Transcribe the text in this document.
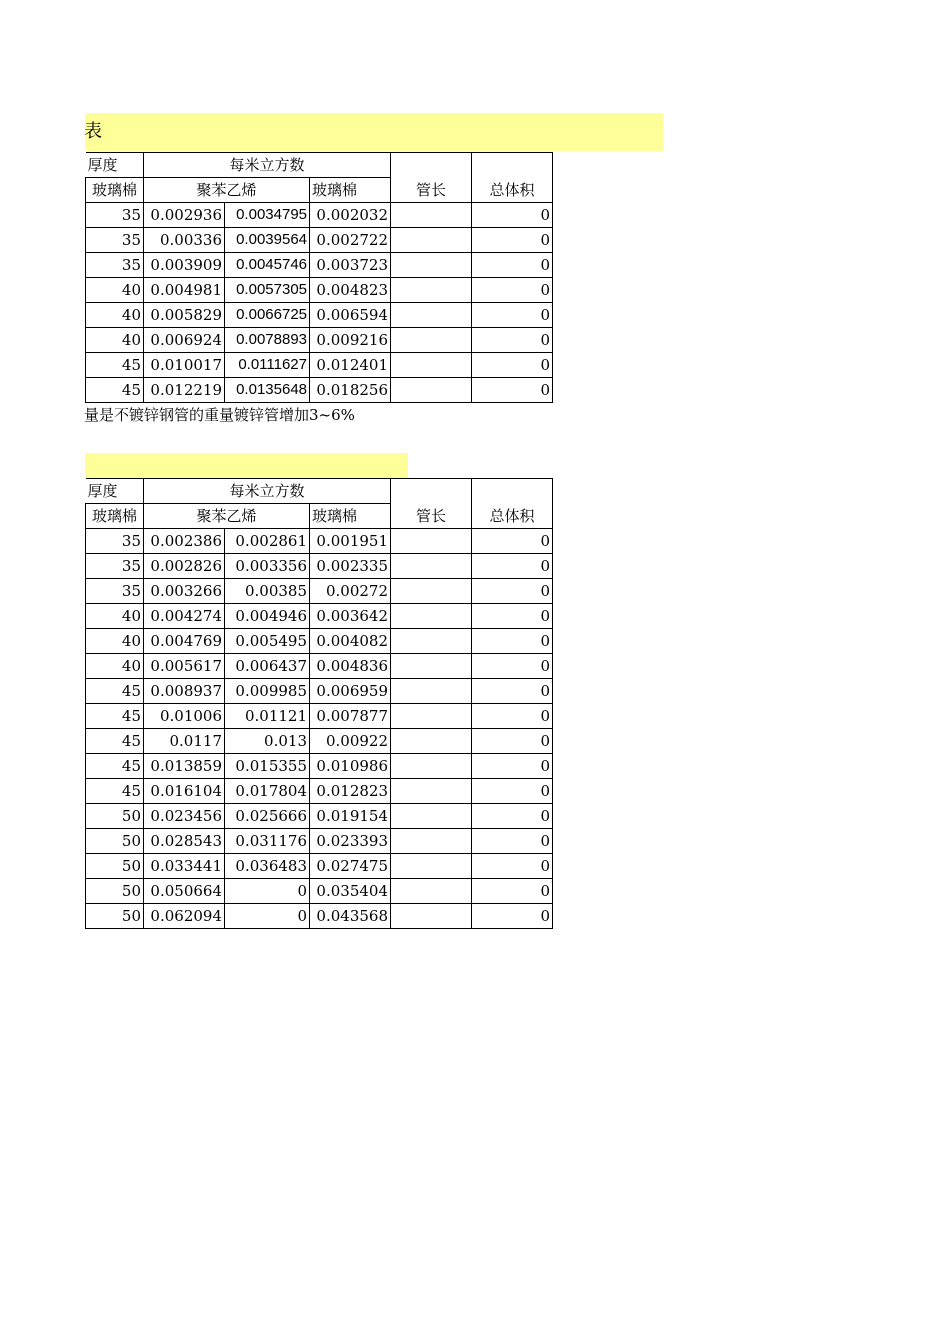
表
厚度	每米立方数			管长	总体积
玻璃棉	聚苯乙烯		玻璃棉		
35	0.002936	0.0034795	0.002032		0
35	0.00336	0.0039564	0.002722		0
35	0.003909	0.0045746	0.003723		0
40	0.004981	0.0057305	0.004823		0
40	0.005829	0.0066725	0.006594		0
40	0.006924	0.0078893	0.009216		0
45	0.010017	0.0111627	0.012401		0
45	0.012219	0.0135648	0.018256		0
量是不镀锌钢管的重量镀锌管增加3~6%
厚度	每米立方数			管长	总体积
玻璃棉	聚苯乙烯		玻璃棉		
35	0.002386	0.002861	0.001951		0
35	0.002826	0.003356	0.002335		0
35	0.003266	0.00385	0.00272		0
40	0.004274	0.004946	0.003642		0
40	0.004769	0.005495	0.004082		0
40	0.005617	0.006437	0.004836		0
45	0.008937	0.009985	0.006959		0
45	0.01006	0.01121	0.007877		0
45	0.0117	0.013	0.00922		0
45	0.013859	0.015355	0.010986		0
45	0.016104	0.017804	0.012823		0
50	0.023456	0.025666	0.019154		0
50	0.028543	0.031176	0.023393		0
50	0.033441	0.036483	0.027475		0
50	0.050664	0	0.035404		0
50	0.062094	0	0.043568		0
